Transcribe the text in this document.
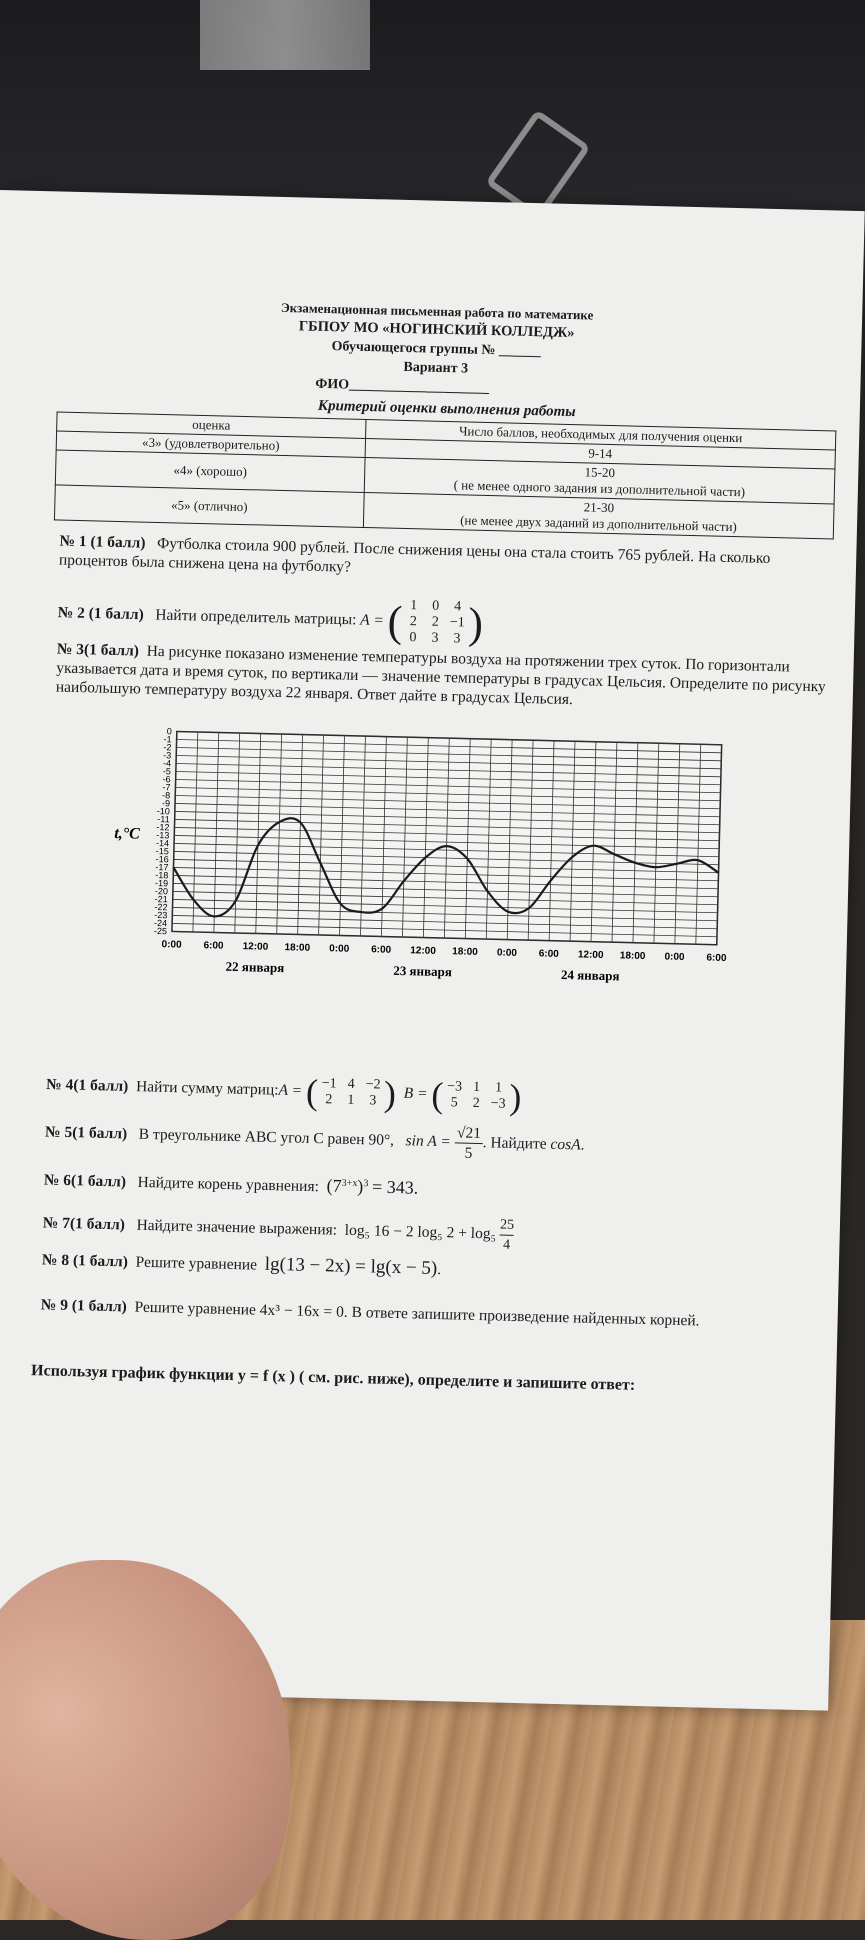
Экзаменационная письменная работа по математике
ГБПОУ МО «НОГИНСКИЙ КОЛЛЕДЖ»
Обучающегося группы № ______
Вариант 3
ФИО____________________
Критерий оценки выполнения работы
оценка	Число баллов, необходимых для получения оценки
«3» (удовлетворительно)	9-14
«4» (хорошо)	15-20
( не менее одного задания из дополнительной части)

«5» (отлично)	21-30
(не менее двух заданий из дополнительной части)
№ 1 (1 балл) Футболка стоила 900 рублей. После снижения цены она стала стоить 765 рублей. На сколько процентов была снижена цена на футболку?
№ 2 (1 балл) Найти определитель матрицы: A = ( 1 0 4
2 2 −1
0 3 3 )
№ 3(1 балл) На рисунке показано изменение температуры воздуха на протяжении трех суток. По горизонтали указывается дата и время суток, по вертикали — значение температуры в градусах Цельсия. Определите по рисунку наибольшую температуру воздуха 22 января. Ответ дайте в градусах Цельсия.
0
-1
-2
-3
-4
-5
-6
-7
-8
-9
-10
-11
-12
-13
-14
-15
-16
-17
-18
-19
-20
-21
-22
-23
-24
-25
0:00 6:00 12:00 18:00 0:00 6:00 12:00 18:00 0:00 6:00 12:00 18:00 0:00 6:00
22 января	23 января	24 января
t,°C
№ 4(1 балл) Найти сумму матриц:A = ( −1 4 −2
2 1 3 ) B = ( −3 1 1
5 2 −3 )
№ 5(1 балл) В треугольнике ABC угол C равен 90°, $\sin A = \frac{√21}{5}$ . Найдите cosA.
№ 6(1 балл) Найдите корень уравнения: $(7^{3+x})^3 = 343$.
№ 7(1 балл) Найдите значение выражения: log₅ 16 − 2 log₅ $2 + \log_5 \frac{25}{4}$
№ 8 (1 балл) Решите уравнение lg(13 − 2x) = lg(x − 5).
№ 9 (1 балл) Решите уравнение 4x³ − 16x = 0. В ответе запишите произведение найденных корней.
Используя график функции y = f (x ) ( см. рис. ниже), определите и запишите ответ:
